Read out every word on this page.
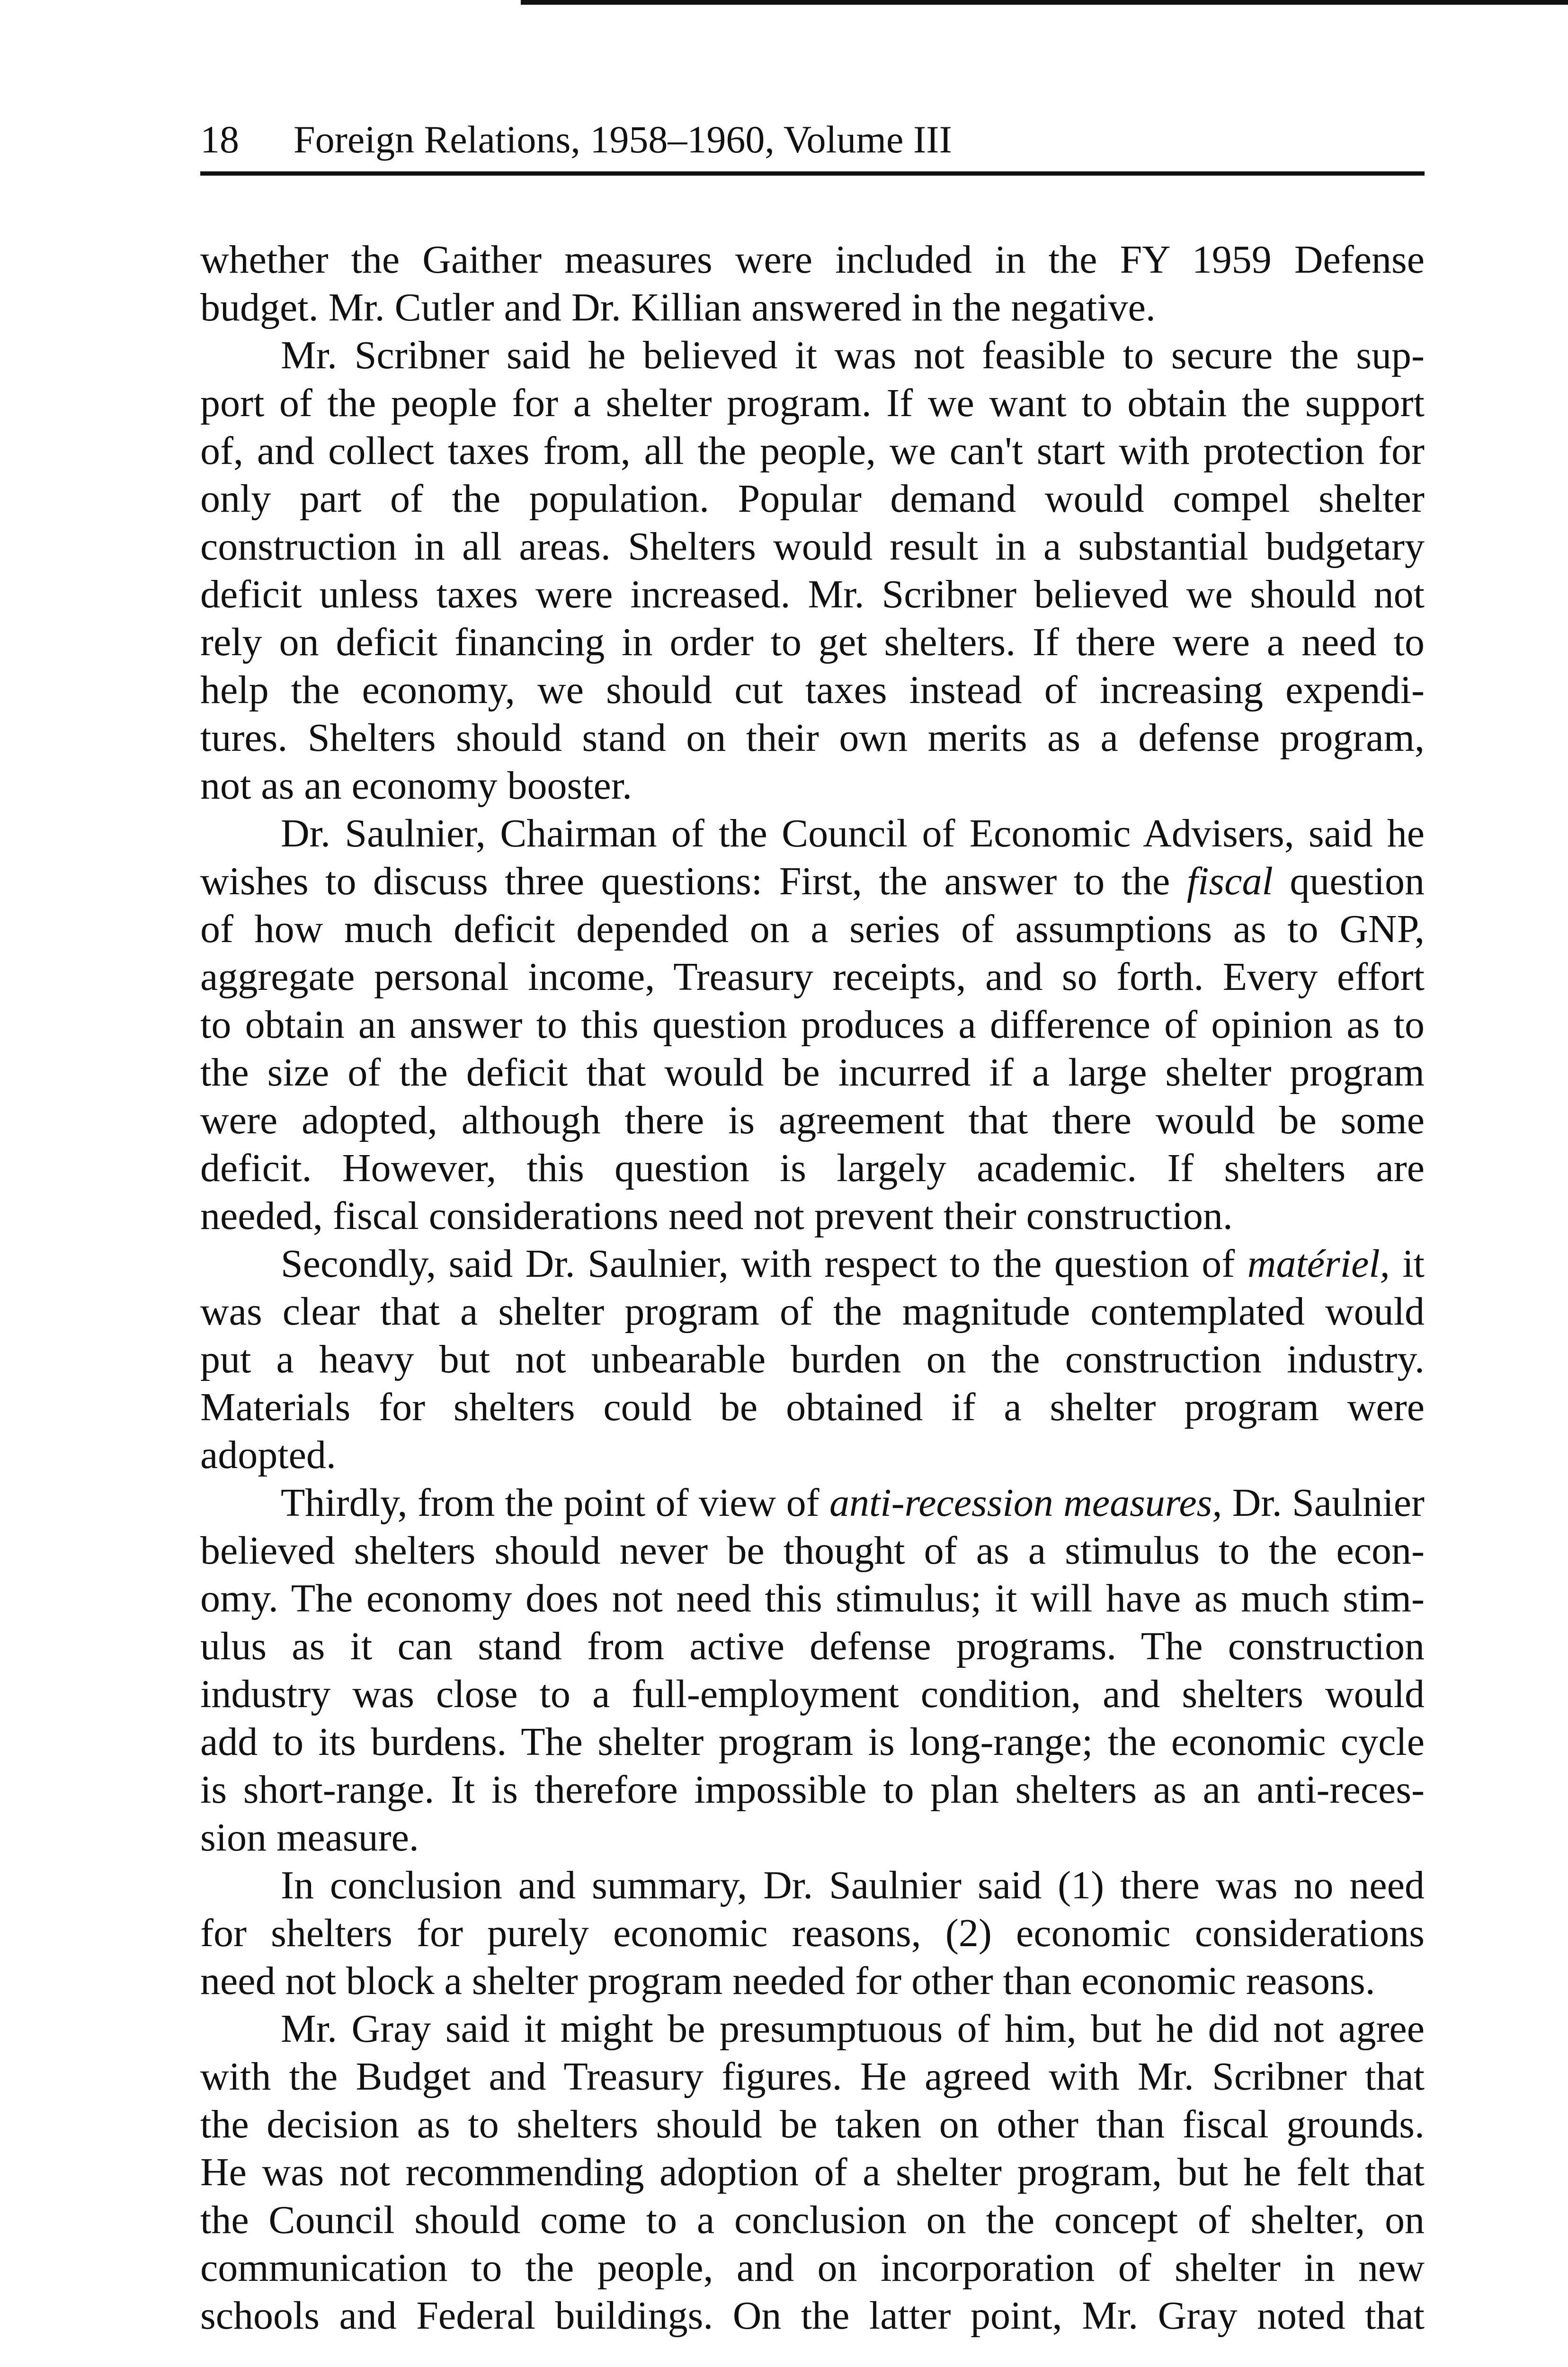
18 Foreign Relations, 1958–1960, Volume III
whether the Gaither measures were included in the FY 1959 Defense
budget. Mr. Cutler and Dr. Killian answered in the negative.
Mr. Scribner said he believed it was not feasible to secure the sup-
port of the people for a shelter program. If we want to obtain the support
of, and collect taxes from, all the people, we can't start with protection for
only part of the population. Popular demand would compel shelter
construction in all areas. Shelters would result in a substantial budgetary
deficit unless taxes were increased. Mr. Scribner believed we should not
rely on deficit financing in order to get shelters. If there were a need to
help the economy, we should cut taxes instead of increasing expendi-
tures. Shelters should stand on their own merits as a defense program,
not as an economy booster.
Dr. Saulnier, Chairman of the Council of Economic Advisers, said he
wishes to discuss three questions: First, the answer to the fiscal question
of how much deficit depended on a series of assumptions as to GNP,
aggregate personal income, Treasury receipts, and so forth. Every effort
to obtain an answer to this question produces a difference of opinion as to
the size of the deficit that would be incurred if a large shelter program
were adopted, although there is agreement that there would be some
deficit. However, this question is largely academic. If shelters are
needed, fiscal considerations need not prevent their construction.
Secondly, said Dr. Saulnier, with respect to the question of matériel, it
was clear that a shelter program of the magnitude contemplated would
put a heavy but not unbearable burden on the construction industry.
Materials for shelters could be obtained if a shelter program were
adopted.
Thirdly, from the point of view of anti-recession measures, Dr. Saulnier
believed shelters should never be thought of as a stimulus to the econ-
omy. The economy does not need this stimulus; it will have as much stim-
ulus as it can stand from active defense programs. The construction
industry was close to a full-employment condition, and shelters would
add to its burdens. The shelter program is long-range; the economic cycle
is short-range. It is therefore impossible to plan shelters as an anti-reces-
sion measure.
In conclusion and summary, Dr. Saulnier said (1) there was no need
for shelters for purely economic reasons, (2) economic considerations
need not block a shelter program needed for other than economic reasons.
Mr. Gray said it might be presumptuous of him, but he did not agree
with the Budget and Treasury figures. He agreed with Mr. Scribner that
the decision as to shelters should be taken on other than fiscal grounds.
He was not recommending adoption of a shelter program, but he felt that
the Council should come to a conclusion on the concept of shelter, on
communication to the people, and on incorporation of shelter in new
schools and Federal buildings. On the latter point, Mr. Gray noted that
